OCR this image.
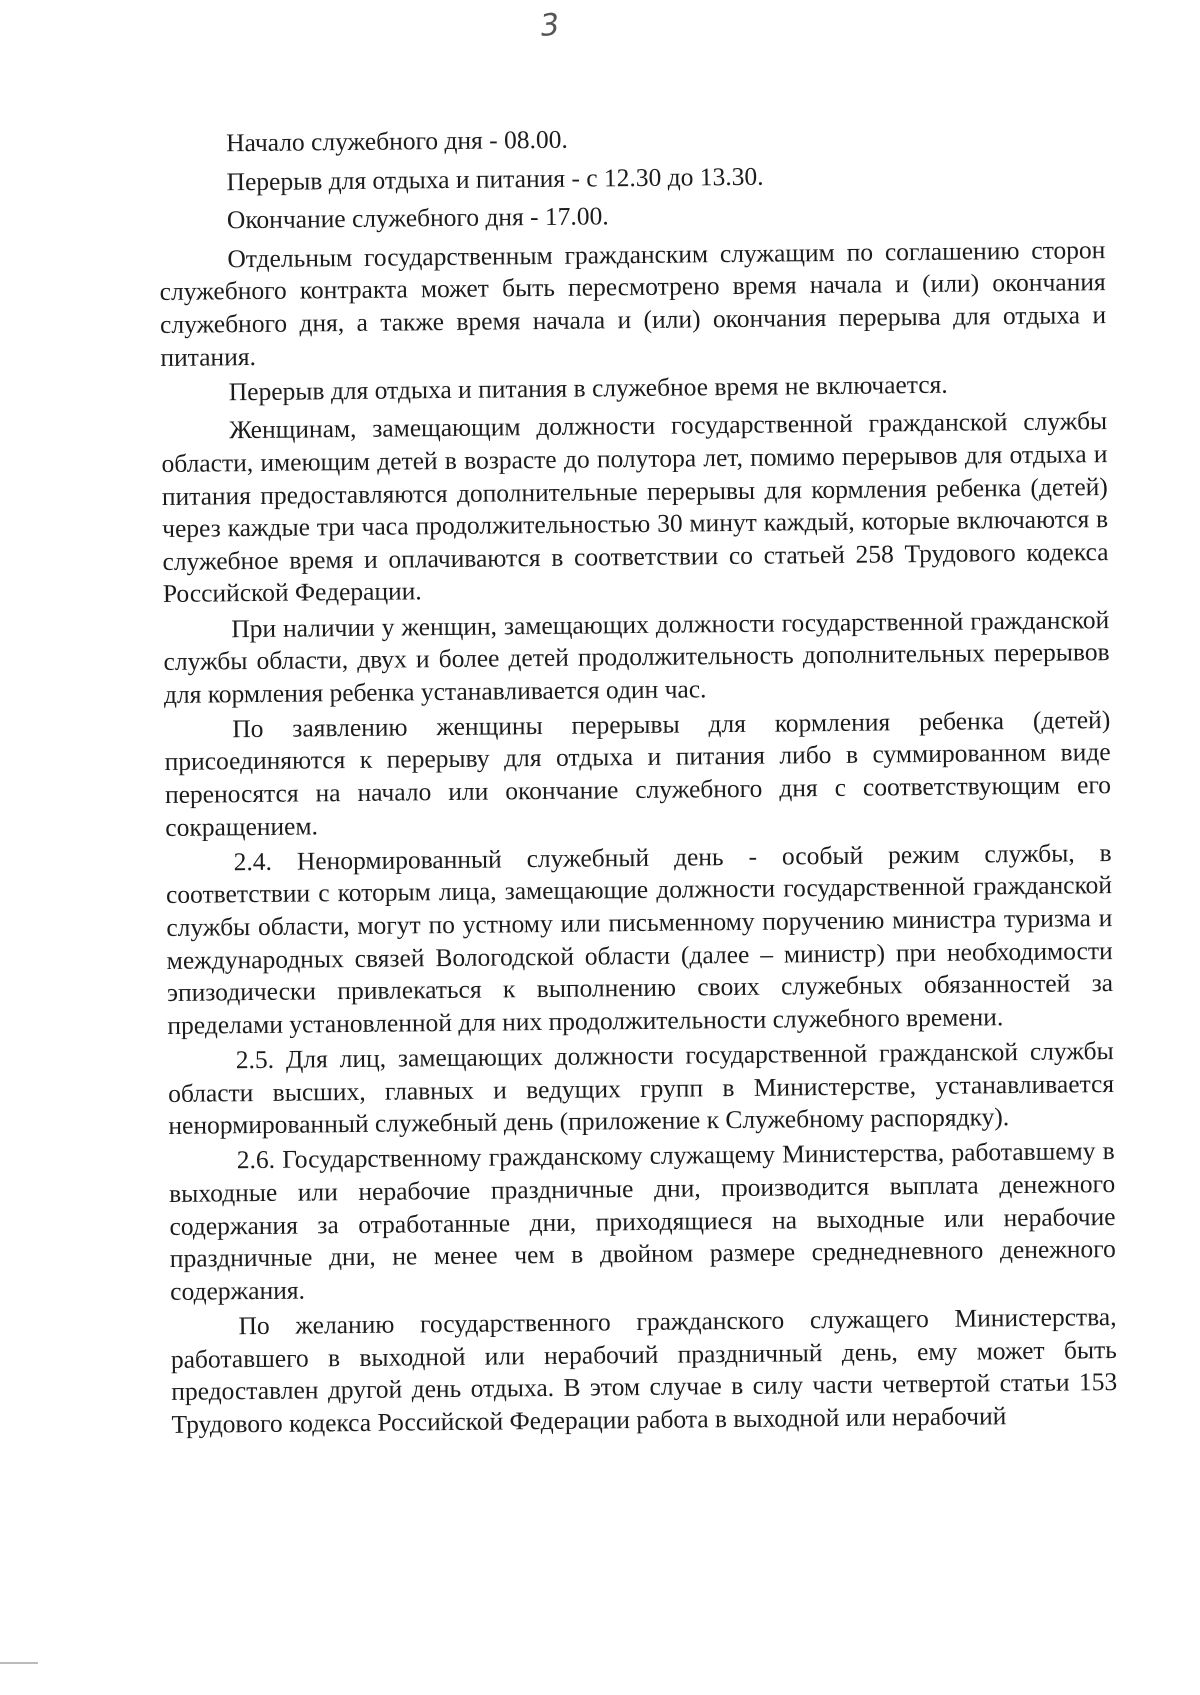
3

Начало служебного дня - 08.00.

Перерыв для отдыха и питания - с 12.30 до 13.30.

Окончание служебного дня - 17.00.

Отдельным государственным гражданским служащим по соглашению сторон служебного контракта может быть пересмотрено время начала и (или) окончания служебного дня, а также время начала и (или) окончания перерыва для отдыха и питания.

Перерыв для отдыха и питания в служебное время не включается.

Женщинам, замещающим должности государственной гражданской службы области, имеющим детей в возрасте до полутора лет, помимо перерывов для отдыха и питания предоставляются дополнительные перерывы для кормления ребенка (детей) через каждые три часа продолжительностью 30 минут каждый, которые включаются в служебное время и оплачиваются в соответствии со статьей 258 Трудового кодекса Российской Федерации.

При наличии у женщин, замещающих должности государственной гражданской службы области, двух и более детей продолжительность дополнительных перерывов для кормления ребенка устанавливается один час.

По заявлению женщины перерывы для кормления ребенка (детей) присоединяются к перерыву для отдыха и питания либо в суммированном виде переносятся на начало или окончание служебного дня с соответствующим его сокращением.

2.4. Ненормированный служебный день - особый режим службы, в соответствии с которым лица, замещающие должности государственной гражданской службы области, могут по устному или письменному поручению министра туризма и международных связей Вологодской области (далее – министр) при необходимости эпизодически привлекаться к выполнению своих служебных обязанностей за пределами установленной для них продолжительности служебного времени.

2.5. Для лиц, замещающих должности государственной гражданской службы области высших, главных и ведущих групп в Министерстве, устанавливается ненормированный служебный день (приложение к Служебному распорядку).

2.6. Государственному гражданскому служащему Министерства, работавшему в выходные или нерабочие праздничные дни, производится выплата денежного содержания за отработанные дни, приходящиеся на выходные или нерабочие праздничные дни, не менее чем в двойном размере среднедневного денежного содержания.

По желанию государственного гражданского служащего Министерства, работавшего в выходной или нерабочий праздничный день, ему может быть предоставлен другой день отдыха. В этом случае в силу части четвертой статьи 153 Трудового кодекса Российской Федерации работа в выходной или нерабочий
